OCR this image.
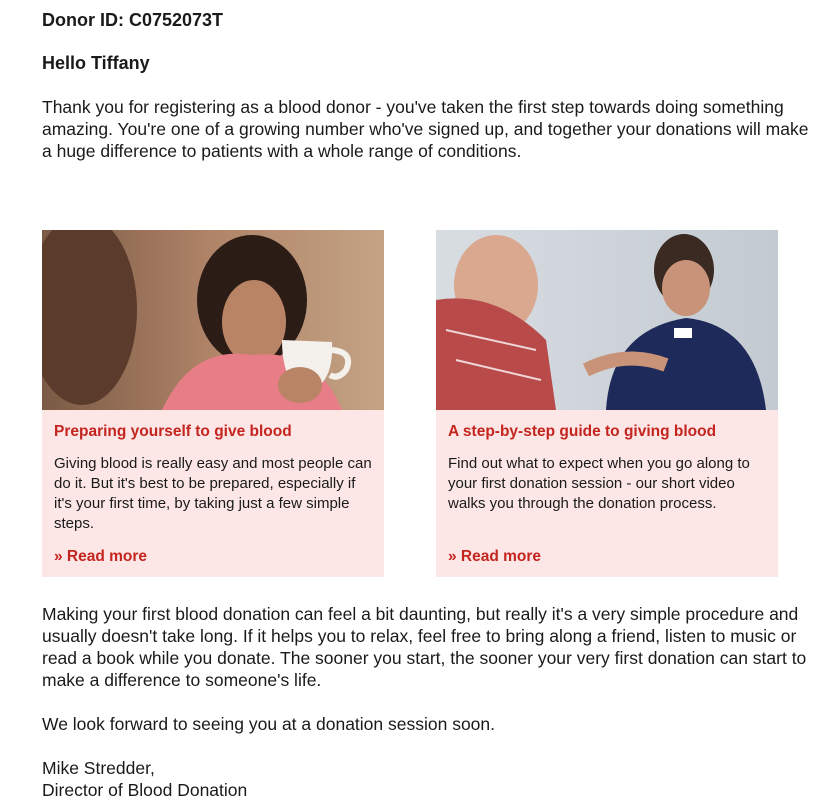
Donor ID: C0752073T

Hello Tiffany

Thank you for registering as a blood donor - you've taken the first step towards doing something amazing. You're one of a growing number who've signed up, and together your donations will make a huge difference to patients with a whole range of conditions.

Preparing yourself to give blood

Giving blood is really easy and most people can do it. But it's best to be prepared, especially if it's your first time, by taking just a few simple steps.

» Read more

A step-by-step guide to giving blood

Find out what to expect when you go along to your first donation session - our short video walks you through the donation process.

» Read more

Making your first blood donation can feel a bit daunting, but really it's a very simple procedure and usually doesn't take long. If it helps you to relax, feel free to bring along a friend, listen to music or read a book while you donate. The sooner you start, the sooner your very first donation can start to make a difference to someone's life.

We look forward to seeing you at a donation session soon.

Mike Stredder,
Director of Blood Donation
